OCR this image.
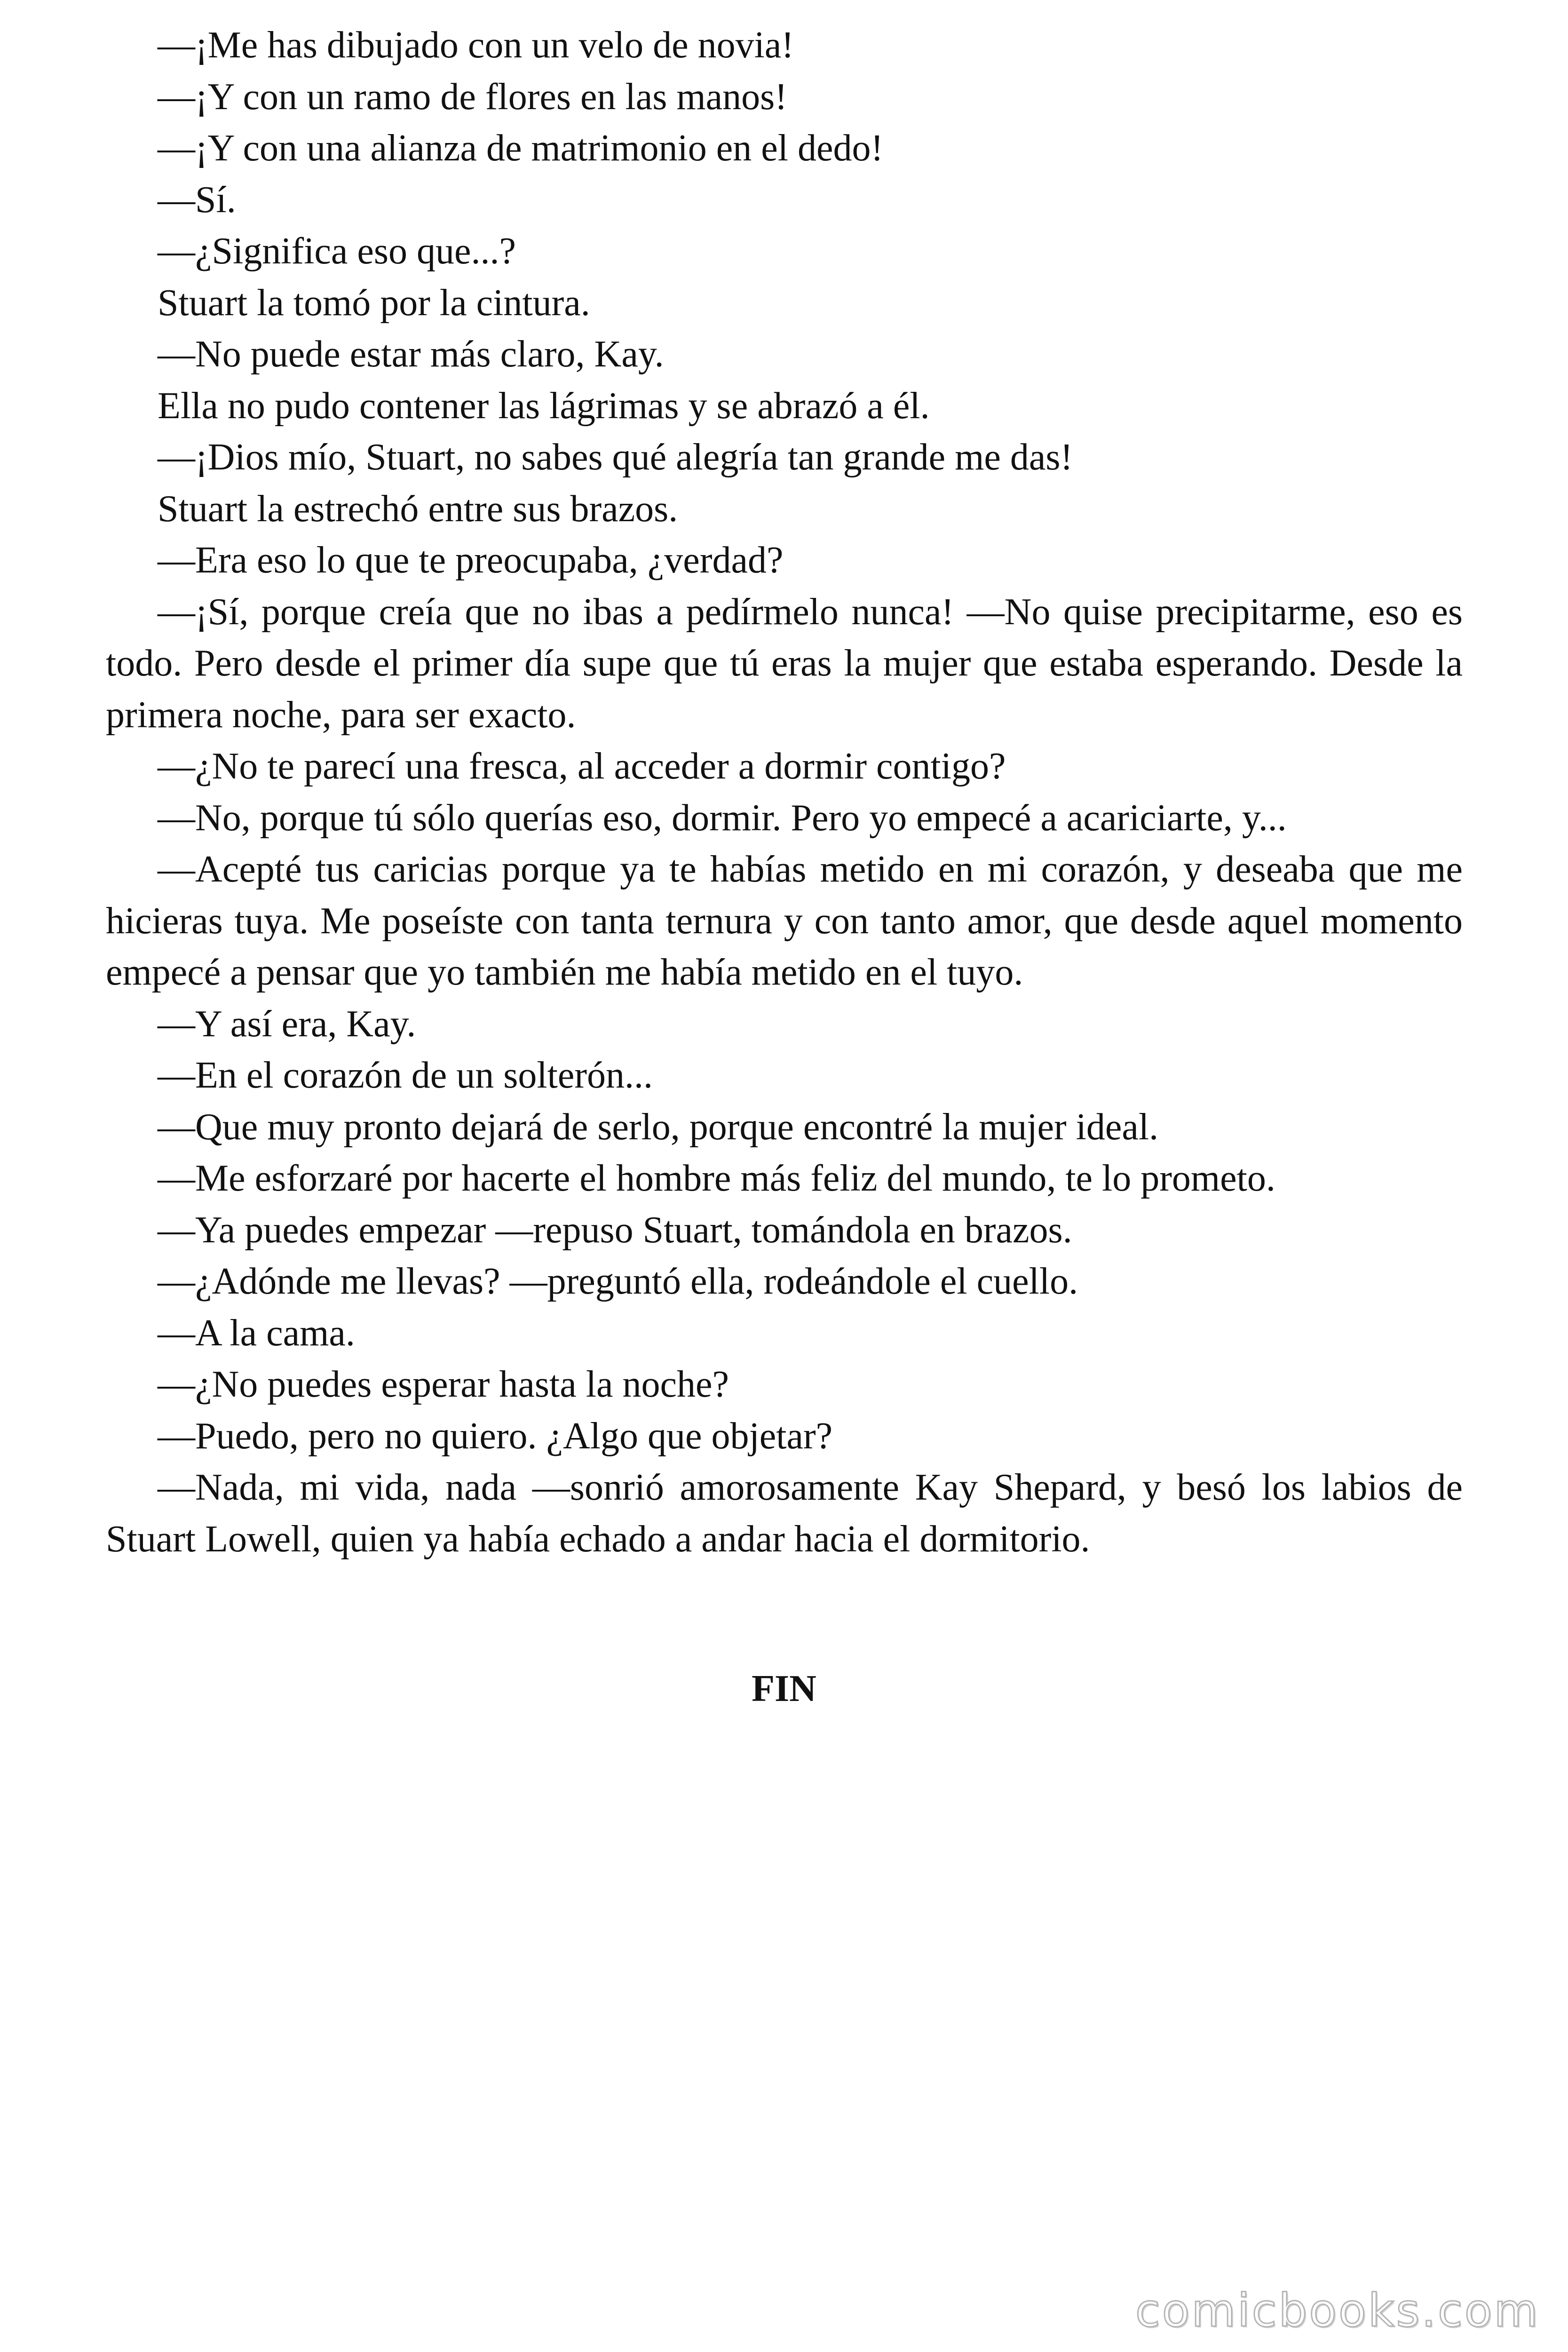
—¡Me has dibujado con un velo de novia!

—¡Y con un ramo de flores en las manos!

—¡Y con una alianza de matrimonio en el dedo!

—Sí.

—¿Significa eso que...?

Stuart la tomó por la cintura.

—No puede estar más claro, Kay.

Ella no pudo contener las lágrimas y se abrazó a él.

—¡Dios mío, Stuart, no sabes qué alegría tan grande me das!

Stuart la estrechó entre sus brazos.

—Era eso lo que te preocupaba, ¿verdad?

—¡Sí, porque creía que no ibas a pedírmelo nunca! —No quise precipitarme, eso es todo. Pero desde el primer día supe que tú eras la mujer que estaba esperando. Desde la primera noche, para ser exacto.

—¿No te parecí una fresca, al acceder a dormir contigo?

—No, porque tú sólo querías eso, dormir. Pero yo empecé a acariciarte, y...

—Acepté tus caricias porque ya te habías metido en mi corazón, y deseaba que me hicieras tuya. Me poseíste con tanta ternura y con tanto amor, que desde aquel momento empecé a pensar que yo también me había metido en el tuyo.

—Y así era, Kay.

—En el corazón de un solterón...

—Que muy pronto dejará de serlo, porque encontré la mujer ideal.

—Me esforzaré por hacerte el hombre más feliz del mundo, te lo prometo.

—Ya puedes empezar —repuso Stuart, tomándola en brazos.

—¿Adónde me llevas? —preguntó ella, rodeándole el cuello.

—A la cama.

—¿No puedes esperar hasta la noche?

—Puedo, pero no quiero. ¿Algo que objetar?

—Nada, mi vida, nada —sonrió amorosamente Kay Shepard, y besó los labios de Stuart Lowell, quien ya había echado a andar hacia el dormitorio.

FIN

comicbooks.com
